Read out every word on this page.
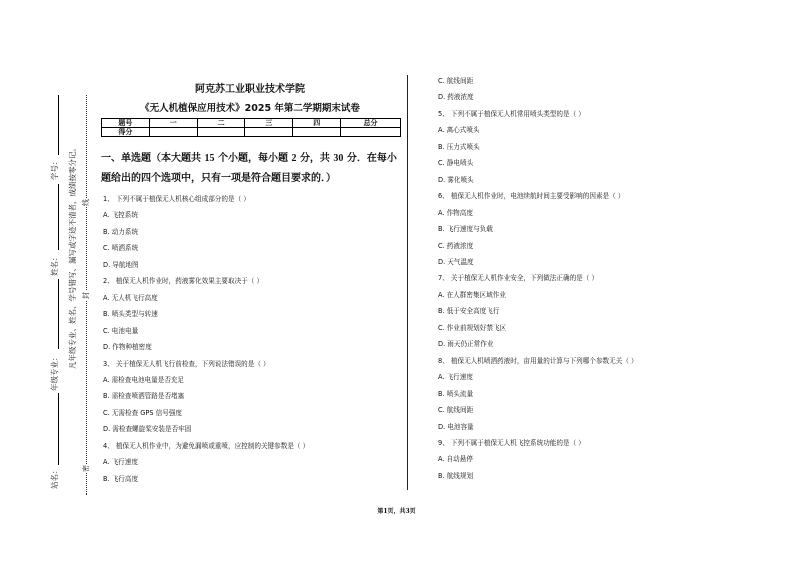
站名：
年级专业：
姓名：
学号：	凡年级专业、姓名、学号错写、漏写或字迹不清者，成绩按零分记。
密
封
线
阿克苏工业职业技术学院
《无人机植保应用技术》2025 年第二学期期末试卷
题号	一	二	三	四	总分
得分					
一、单选题（本大题共 15 个小题，每小题 2 分，共 30 分．在每小
题给出的四个选项中，只有一项是符合题目要求的．）
1、 下列不属于植保无人机核心组成部分的是（ ）
A. 飞控系统
B. 动力系统
C. 喷洒系统
D. 导航地图
2、 植保无人机作业时，药液雾化效果主要取决于（ ）
A. 无人机飞行高度
B. 喷头类型与转速
C. 电池电量
D. 作物种植密度
3、 关于植保无人机飞行前检查，下列说法错误的是（ ）
A. 需检查电池电量是否充足
B. 需检查喷洒管路是否堵塞
C. 无需检查 GPS 信号强度
D. 需检查螺旋桨安装是否牢固
4、 植保无人机作业中，为避免漏喷或重喷，应控制的关键参数是（ ）
A. 飞行速度
B. 飞行高度
C. 航线间距
D. 药液浓度
5、 下列不属于植保无人机常用喷头类型的是（ ）
A. 离心式喷头
B. 压力式喷头
C. 静电喷头
D. 雾化喷头
6、 植保无人机作业时，电池续航时间主要受影响的因素是（ ）
A. 作物高度
B. 飞行速度与负载
C. 药液浓度
D. 天气温度
7、 关于植保无人机作业安全，下列做法正确的是（ ）
A. 在人群密集区域作业
B. 低于安全高度飞行
C. 作业前规划好禁飞区
D. 雨天仍正常作业
8、 植保无人机喷洒药液时，亩用量的计算与下列哪个参数无关（ ）
A. 飞行速度
B. 喷头流量
C. 航线间距
D. 电池容量
9、 下列不属于植保无人机飞控系统功能的是（ ）
A. 自动悬停
B. 航线规划
第1页，共3页
